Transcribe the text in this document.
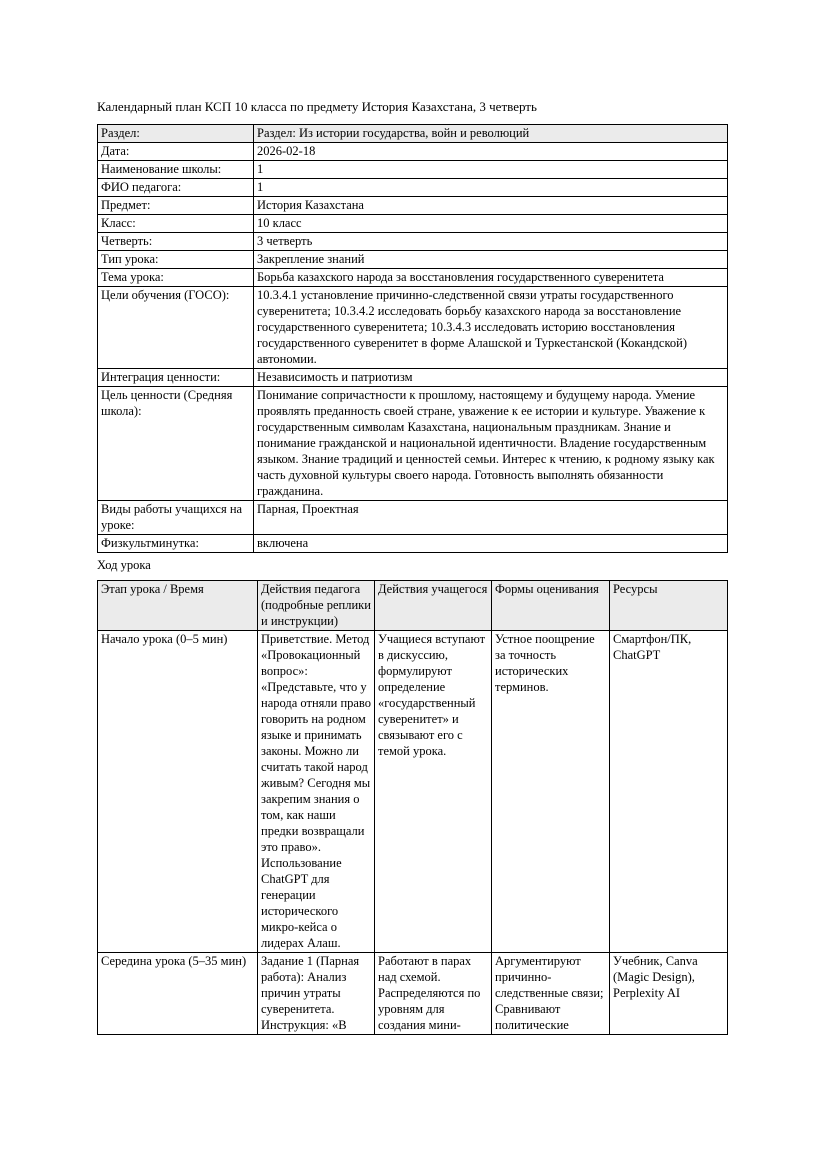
Календарный план КСП 10 класса по предмету История Казахстана, 3 четверть

Раздел:	Раздел: Из истории государства, войн и революций
Дата:	2026-02-18
Наименование школы:	1
ФИО педагога:	1
Предмет:	История Казахстана
Класс:	10 класс
Четверть:	3 четверть
Тип урока:	Закрепление знаний
Тема урока:	Борьба казахского народа за восстановления государственного суверенитета
Цели обучения (ГОСО):	10.3.4.1 установление причинно-следственной связи утраты государственного суверенитета; 10.3.4.2 исследовать борьбу казахского народа за восстановление государственного суверенитета; 10.3.4.3 исследовать историю восстановления государственного суверенитет в форме Алашской и Туркестанской (Кокандской) автономии.
Интеграция ценности:	Независимость и патриотизм
Цель ценности (Средняя школа):	Понимание сопричастности к прошлому, настоящему и будущему народа. Умение проявлять преданность своей стране, уважение к ее истории и культуре. Уважение к государственным символам Казахстана, национальным праздникам. Знание и понимание гражданской и национальной идентичности. Владение государственным языком. Знание традиций и ценностей семьи. Интерес к чтению, к родному языку как часть духовной культуры своего народа. Готовность выполнять обязанности гражданина.
Виды работы учащихся на уроке:	Парная, Проектная
Физкультминутка:	включена

Ход урока

Этап урока / Время	Действия педагога (подробные реплики и инструкции)	Действия учащегося	Формы оценивания	Ресурсы
Начало урока (0–5 мин)	Приветствие. Метод «Провокационный вопрос»: «Представьте, что у народа отняли право говорить на родном языке и принимать законы. Можно ли считать такой народ живым? Сегодня мы закрепим знания о том, как наши предки возвращали это право». Использование ChatGPT для генерации исторического микро-кейса о лидерах Алаш.	Учащиеся вступают в дискуссию, формулируют определение «государственный суверенитет» и связывают его с темой урока.	Устное поощрение за точность исторических терминов.	Смартфон/ПК, ChatGPT
Середина урока (5–35 мин)	Задание 1 (Парная работа): Анализ причин утраты суверенитета. Инструкция: «В	Работают в парах над схемой. Распределяются по уровням для создания мини-	Аргументируют причинно-следственные связи; Сравнивают политические	Учебник, Canva (Magic Design), Perplexity AI
